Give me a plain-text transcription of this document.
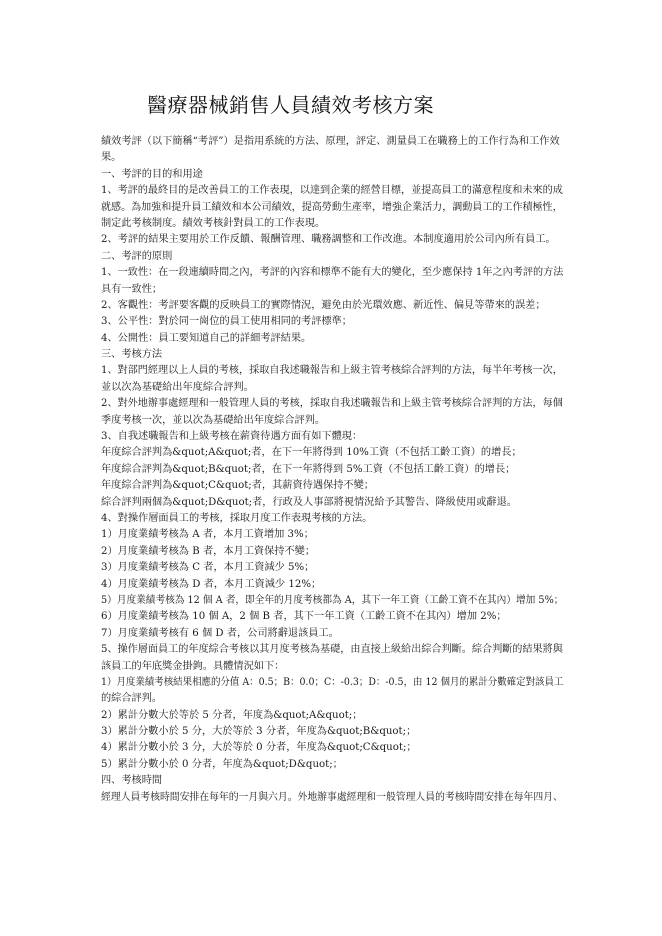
醫療器械銷售人員績效考核方案
績效考評（以下簡稱“考評”）是指用系統的方法、原理，評定、測量員工在職務上的工作行為和工作效
果。
一、考評的目的和用途
1、考評的最終目的是改善員工的工作表現，以達到企業的經營目標，並提高員工的滿意程度和未來的成
就感。為加強和提升員工績效和本公司績效，提高勞動生產率，增強企業活力，調動員工的工作積極性，
制定此考核制度。績效考核針對員工的工作表現。
2、考評的結果主要用於工作反饋、報酬管理、職務調整和工作改進。本制度適用於公司內所有員工。
二、考評的原則
1、一致性：在一段連續時間之內，考評的內容和標準不能有大的變化，至少應保持 1年之內考評的方法
具有一致性；
2、客觀性：考評要客觀的反映員工的實際情況，避免由於光環效應、新近性、偏見等帶來的誤差；
3、公平性：對於同一崗位的員工使用相同的考評標準；
4、公開性：員工要知道自己的詳細考評結果。
三、考核方法
1、對部門經理以上人員的考核，採取自我述職報告和上級主管考核綜合評判的方法，每半年考核一次，
並以次為基礎給出年度綜合評判。
2、對外地辦事處經理和一般管理人員的考核，採取自我述職報告和上級主管考核綜合評判的方法，每個
季度考核一次，並以次為基礎給出年度綜合評判。
3、自我述職報告和上級考核在薪資待遇方面有如下體現：
年度綜合評判為&quot;A&quot;者，在下一年將得到 10%工資（不包括工齡工資）的增長；
年度綜合評判為&quot;B&quot;者，在下一年將得到 5%工資（不包括工齡工資）的增長；
年度綜合評判為&quot;C&quot;者，其薪資待遇保持不變；
綜合評判兩個為&quot;D&quot;者，行政及人事部將視情況給予其警告、降級使用或辭退。
4、對操作層面員工的考核，採取月度工作表現考核的方法。
1）月度業績考核為 A 者，本月工資增加 3%；
2）月度業績考核為 B 者，本月工資保持不變；
3）月度業績考核為 C 者，本月工資減少 5%；
4）月度業績考核為 D 者，本月工資減少 12%；
5）月度業績考核為 12 個 A 者，即全年的月度考核都為 A，其下一年工資（工齡工資不在其內）增加 5%；
6）月度業績考核為 10 個 A，2 個 B 者，其下一年工資（工齡工資不在其內）增加 2%；
7）月度業績考核有 6 個 D 者，公司將辭退該員工。
5、操作層面員工的年度綜合考核以其月度考核為基礎，由直接上級給出綜合判斷。綜合判斷的結果將與
該員工的年底獎金掛鉤。具體情況如下：
1）月度業績考核結果相應的分值 A：0.5；B：0.0；C：-0.3；D：-0.5，由 12 個月的累計分數確定對該員工
的綜合評判。
2）累計分數大於等於 5 分者，年度為&quot;A&quot;；
3）累計分數小於 5 分，大於等於 3 分者，年度為&quot;B&quot;；
4）累計分數小於 3 分，大於等於 0 分者，年度為&quot;C&quot;；
5）累計分數小於 0 分者，年度為&quot;D&quot;；
四、考核時間
經理人員考核時間安排在每年的一月與六月。外地辦事處經理和一般管理人員的考核時間安排在每年四月、
